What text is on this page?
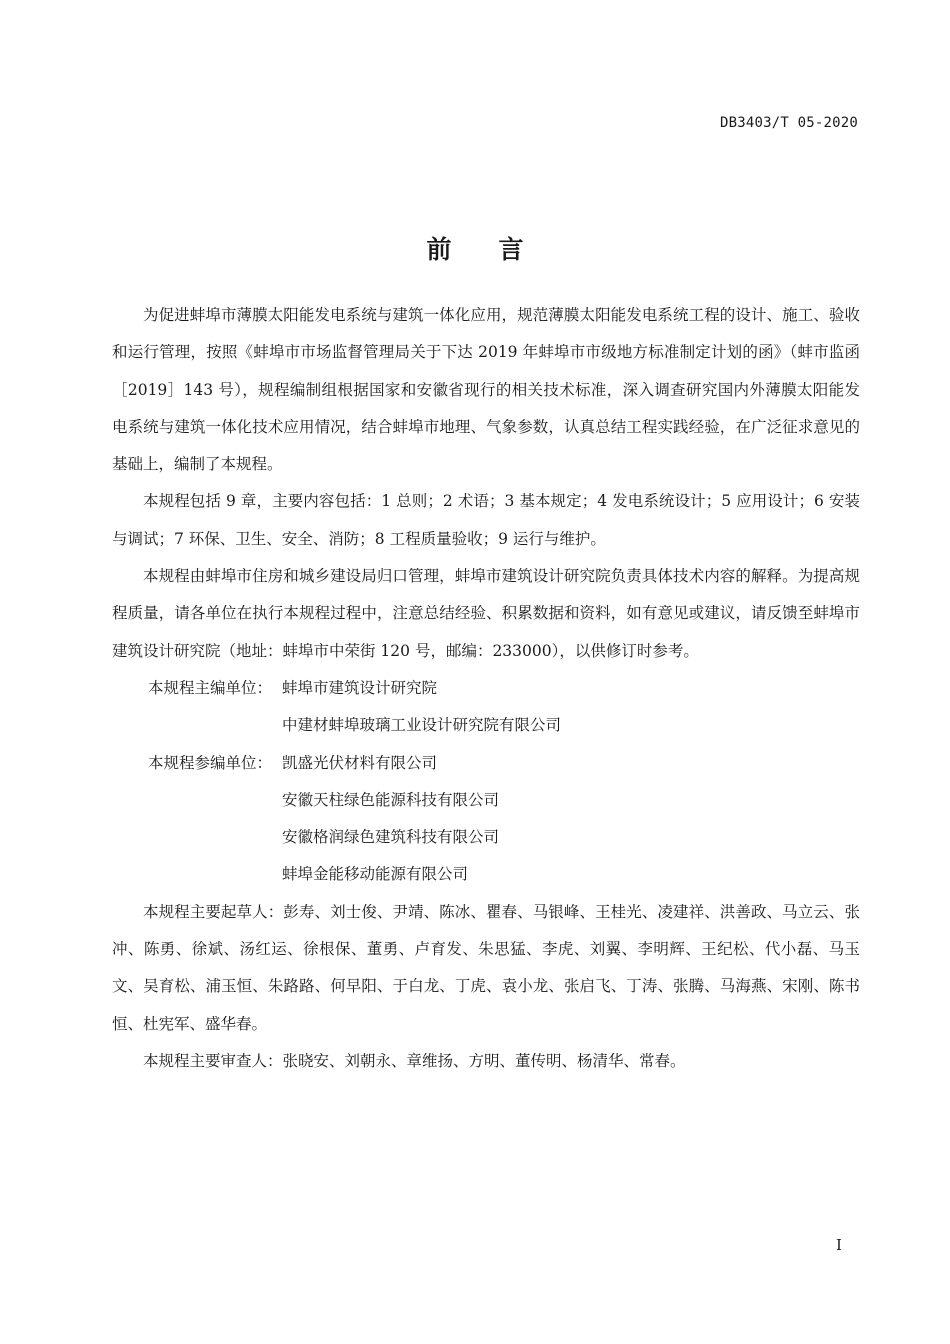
DB3403/T 05-2020
前言

为促进蚌埠市薄膜太阳能发电系统与建筑一体化应用，规范薄膜太阳能发电系统工程的设计、施工、验收和运行管理，按照《蚌埠市市场监督管理局关于下达 2019 年蚌埠市市级地方标准制定计划的函》（蚌市监函［2019］143 号），规程编制组根据国家和安徽省现行的相关技术标准，深入调查研究国内外薄膜太阳能发电系统与建筑一体化技术应用情况，结合蚌埠市地理、气象参数，认真总结工程实践经验，在广泛征求意见的基础上，编制了本规程。

本规程包括 9 章，主要内容包括：1 总则；2 术语；3 基本规定；4 发电系统设计；5 应用设计；6 安装与调试；7 环保、卫生、安全、消防；8 工程质量验收；9 运行与维护。

本规程由蚌埠市住房和城乡建设局归口管理，蚌埠市建筑设计研究院负责具体技术内容的解释。为提高规程质量，请各单位在执行本规程过程中，注意总结经验、积累数据和资料，如有意见或建议，请反馈至蚌埠市建筑设计研究院（地址：蚌埠市中荣街 120 号，邮编：233000），以供修订时参考。

本规程主编单位： 蚌埠市建筑设计研究院
中建材蚌埠玻璃工业设计研究院有限公司
本规程参编单位： 凯盛光伏材料有限公司
安徽天柱绿色能源科技有限公司
安徽格润绿色建筑科技有限公司
蚌埠金能移动能源有限公司

本规程主要起草人：彭寿、刘士俊、尹靖、陈冰、瞿春、马银峰、王桂光、凌建祥、洪善政、马立云、张冲、陈勇、徐斌、汤红运、徐根保、董勇、卢育发、朱思猛、李虎、刘翼、李明辉、王纪松、代小磊、马玉文、吴育松、浦玉恒、朱路路、何早阳、于白龙、丁虎、袁小龙、张启飞、丁涛、张腾、马海燕、宋刚、陈书恒、杜宪军、盛华春。

本规程主要审查人：张晓安、刘朝永、章维扬、方明、董传明、杨清华、常春。

I
